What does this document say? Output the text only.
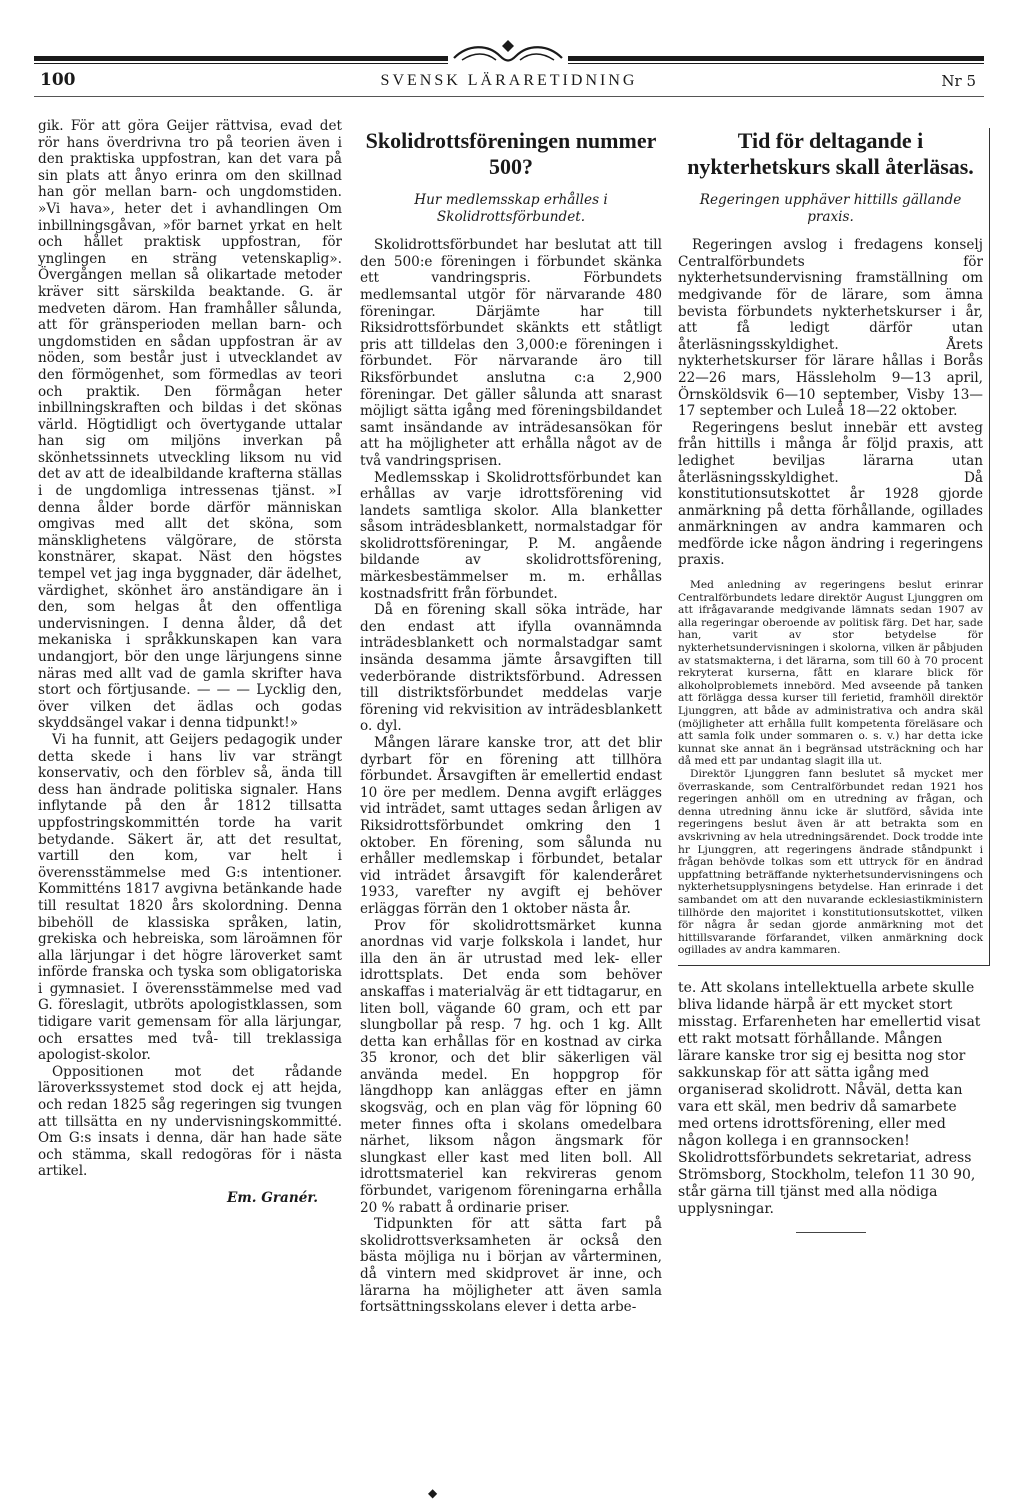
100	SVENSK LÄRARETIDNING	Nr 5

gik. För att göra Geijer rättvisa, evad det rör hans överdrivna tro på teorien även i den praktiska uppfostran, kan det vara på sin plats att ånyo erinra om den skillnad han gör mellan barn- och ungdomstiden. »Vi hava», heter det i avhandlingen Om inbillningsgåvan, »för barnet yrkat en helt och hållet praktisk uppfostran, för ynglingen en sträng vetenskaplig». Övergången mellan så olikartade metoder kräver sitt särskilda beaktande. G. är medveten därom. Han framhåller sålunda, att för gränsperioden mellan barn- och ungdomstiden en sådan uppfostran är av nöden, som består just i utvecklandet av den förmögenhet, som förmedlas av teori och praktik. Den förmågan heter inbillningskraften och bildas i det skönas värld. Högtidligt och övertygande uttalar han sig om miljöns inverkan på skönhetssinnets utveckling liksom nu vid det av att de idealbildande krafterna ställas i de ungdomliga intressenas tjänst. »I denna ålder borde därför människan omgivas med allt det sköna, som mänsklighetens välgörare, de största konstnärer, skapat. Näst den högstes tempel vet jag inga byggnader, där ädelhet, värdighet, skönhet äro anständigare än i den, som helgas åt den offentliga undervisningen. I denna ålder, då det mekaniska i språkkunskapen kan vara undangjort, bör den unge lärjungens sinne näras med allt vad de gamla skrifter hava stort och förtjusande. — — — Lycklig den, över vilken det ädlas och godas skyddsängel vakar i denna tidpunkt!»

Vi ha funnit, att Geijers pedagogik under detta skede i hans liv var strängt konservativ, och den förblev så, ända till dess han ändrade politiska signaler. Hans inflytande på den år 1812 tillsatta uppfostringskommittén torde ha varit betydande. Säkert är, att det resultat, vartill den kom, var helt i överensstämmelse med G:s intentioner. Kommitténs 1817 avgivna betänkande hade till resultat 1820 års skolordning. Denna bibehöll de klassiska språken, latin, grekiska och hebreiska, som läroämnen för alla lärjungar i det högre läroverket samt införde franska och tyska som obligatoriska i gymnasiet. I överensstämmelse med vad G. föreslagit, utbröts apologistklassen, som tidigare varit gemensam för alla lärjungar, och ersattes med två- till treklassiga apologist-skolor.

Oppositionen mot det rådande läroverkssystemet stod dock ej att hejda, och redan 1825 såg regeringen sig tvungen att tillsätta en ny undervisningskommitté. Om G:s insats i denna, där han hade säte och stämma, skall redogöras för i nästa artikel.

Em. Granér.
Skolidrottsföreningen nummer 500?
Hur medlemsskap erhålles i Skolidrottsförbundet.

Skolidrottsförbundet har beslutat att till den 500:e föreningen i förbundet skänka ett vandringspris. Förbundets medlemsantal utgör för närvarande 480 föreningar. Därjämte har till Riksidrottsförbundet skänkts ett ståtligt pris att tilldelas den 3,000:e föreningen i förbundet. För närvarande äro till Riksförbundet anslutna c:a 2,900 föreningar. Det gäller sålunda att snarast möjligt sätta igång med föreningsbildandet samt insändande av inträdesansökan för att ha möjligheter att erhålla något av de två vandringsprisen.

Medlemsskap i Skolidrottsförbundet kan erhållas av varje idrottsförening vid landets samtliga skolor. Alla blanketter såsom inträdesblankett, normalstadgar för skolidrottsföreningar, P. M. angående bildande av skolidrottsförening, märkesbestämmelser m. m. erhållas kostnadsfritt från förbundet.

Då en förening skall söka inträde, har den endast att ifylla ovannämnda inträdesblankett och normalstadgar samt insända desamma jämte årsavgiften till vederbörande distriktsförbund. Adressen till distriktsförbundet meddelas varje förening vid rekvisition av inträdesblankett o. dyl.

Mången lärare kanske tror, att det blir dyrbart för en förening att tillhöra förbundet. Årsavgiften är emellertid endast 10 öre per medlem. Denna avgift erlägges vid inträdet, samt uttages sedan årligen av Riksidrottsförbundet omkring den 1 oktober. En förening, som sålunda nu erhåller medlemskap i förbundet, betalar vid inträdet årsavgift för kalenderåret 1933, varefter ny avgift ej behöver erläggas förrän den 1 oktober nästa år.

Prov för skolidrottsmärket kunna anordnas vid varje folkskola i landet, hur illa den än är utrustad med lek- eller idrottsplats. Det enda som behöver anskaffas i materialväg är ett tidtagarur, en liten boll, vägande 60 gram, och ett par slungbollar på resp. 7 hg. och 1 kg. Allt detta kan erhållas för en kostnad av cirka 35 kronor, och det blir säkerligen väl använda medel. En hoppgrop för längdhopp kan anläggas efter en jämn skogsväg, och en plan väg för löpning 60 meter finnes ofta i skolans omedelbara närhet, liksom någon ängsmark för slungkast eller kast med liten boll. All idrottsmateriel kan rekvireras genom förbundet, varigenom föreningarna erhålla 20 % rabatt å ordinarie priser.

Tidpunkten för att sätta fart på skolidrottsverksamheten är också den bästa möjliga nu i början av vårterminen, då vintern med skidprovet är inne, och lärarna ha möjligheter att även samla fortsättningsskolans elever i detta arbe-

Tid för deltagande i nykterhetskurs skall återläsas.
Regeringen upphäver hittills gällande praxis.

Regeringen avslog i fredagens konselj Centralförbundets för nykterhetsundervisning framställning om medgivande för de lärare, som ämna bevista förbundets nykterhetskurser i år, att få ledigt därför utan återläsningsskyldighet. Årets nykterhetskurser för lärare hållas i Borås 22—26 mars, Hässleholm 9—13 april, Örnsköldsvik 6—10 september, Visby 13—17 september och Luleå 18—22 oktober.

Regeringens beslut innebär ett avsteg från hittills i många år följd praxis, att ledighet beviljas lärarna utan återläsningsskyldighet. Då konstitutionsutskottet år 1928 gjorde anmärkning på detta förhållande, ogillades anmärkningen av andra kammaren och medförde icke någon ändring i regeringens praxis.

Med anledning av regeringens beslut erinrar Centralförbundets ledare direktör August Ljunggren om att ifrågavarande medgivande lämnats sedan 1907 av alla regeringar oberoende av politisk färg. Det har, sade han, varit av stor betydelse för nykterhetsundervisningen i skolorna, vilken är påbjuden av statsmakterna, i det lärarna, som till 60 à 70 procent rekryterat kurserna, fått en klarare blick för alkoholproblemets innebörd. Med avseende på tanken att förlägga dessa kurser till ferietid, framhöll direktör Ljunggren, att både av administrativa och andra skäl (möjligheter att erhålla fullt kompetenta föreläsare och att samla folk under sommaren o. s. v.) har detta icke kunnat ske annat än i begränsad utsträckning och har då med ett par undantag slagit illa ut.

Direktör Ljunggren fann beslutet så mycket mer överraskande, som Centralförbundet redan 1921 hos regeringen anhöll om en utredning av frågan, och denna utredning ännu icke är slutförd, såvida inte regeringens beslut även är att betrakta som en avskrivning av hela utredningsärendet. Dock trodde inte hr Ljunggren, att regeringens ändrade ståndpunkt i frågan behövde tolkas som ett uttryck för en ändrad uppfattning beträffande nykterhetsundervisningens och nykterhetsupplysningens betydelse. Han erinrade i det sambandet om att den nuvarande ecklesiastikministern tillhörde den majoritet i konstitutionsutskottet, vilken för några år sedan gjorde anmärkning mot det hittillsvarande förfarandet, vilken anmärkning dock ogillades av andra kammaren.

te. Att skolans intellektuella arbete skulle bliva lidande härpå är ett mycket stort misstag. Erfarenheten har emellertid visat ett rakt motsatt förhållande. Mången lärare kanske tror sig ej besitta nog stor sakkunskap för att sätta igång med organiserad skolidrott. Nåväl, detta kan vara ett skäl, men bedriv då samarbete med ortens idrottsförening, eller med någon kollega i en grannsocken! Skolidrottsförbundets sekretariat, adress Strömsborg, Stockholm, telefon 11 30 90, står gärna till tjänst med alla nödiga upplysningar.
◆
